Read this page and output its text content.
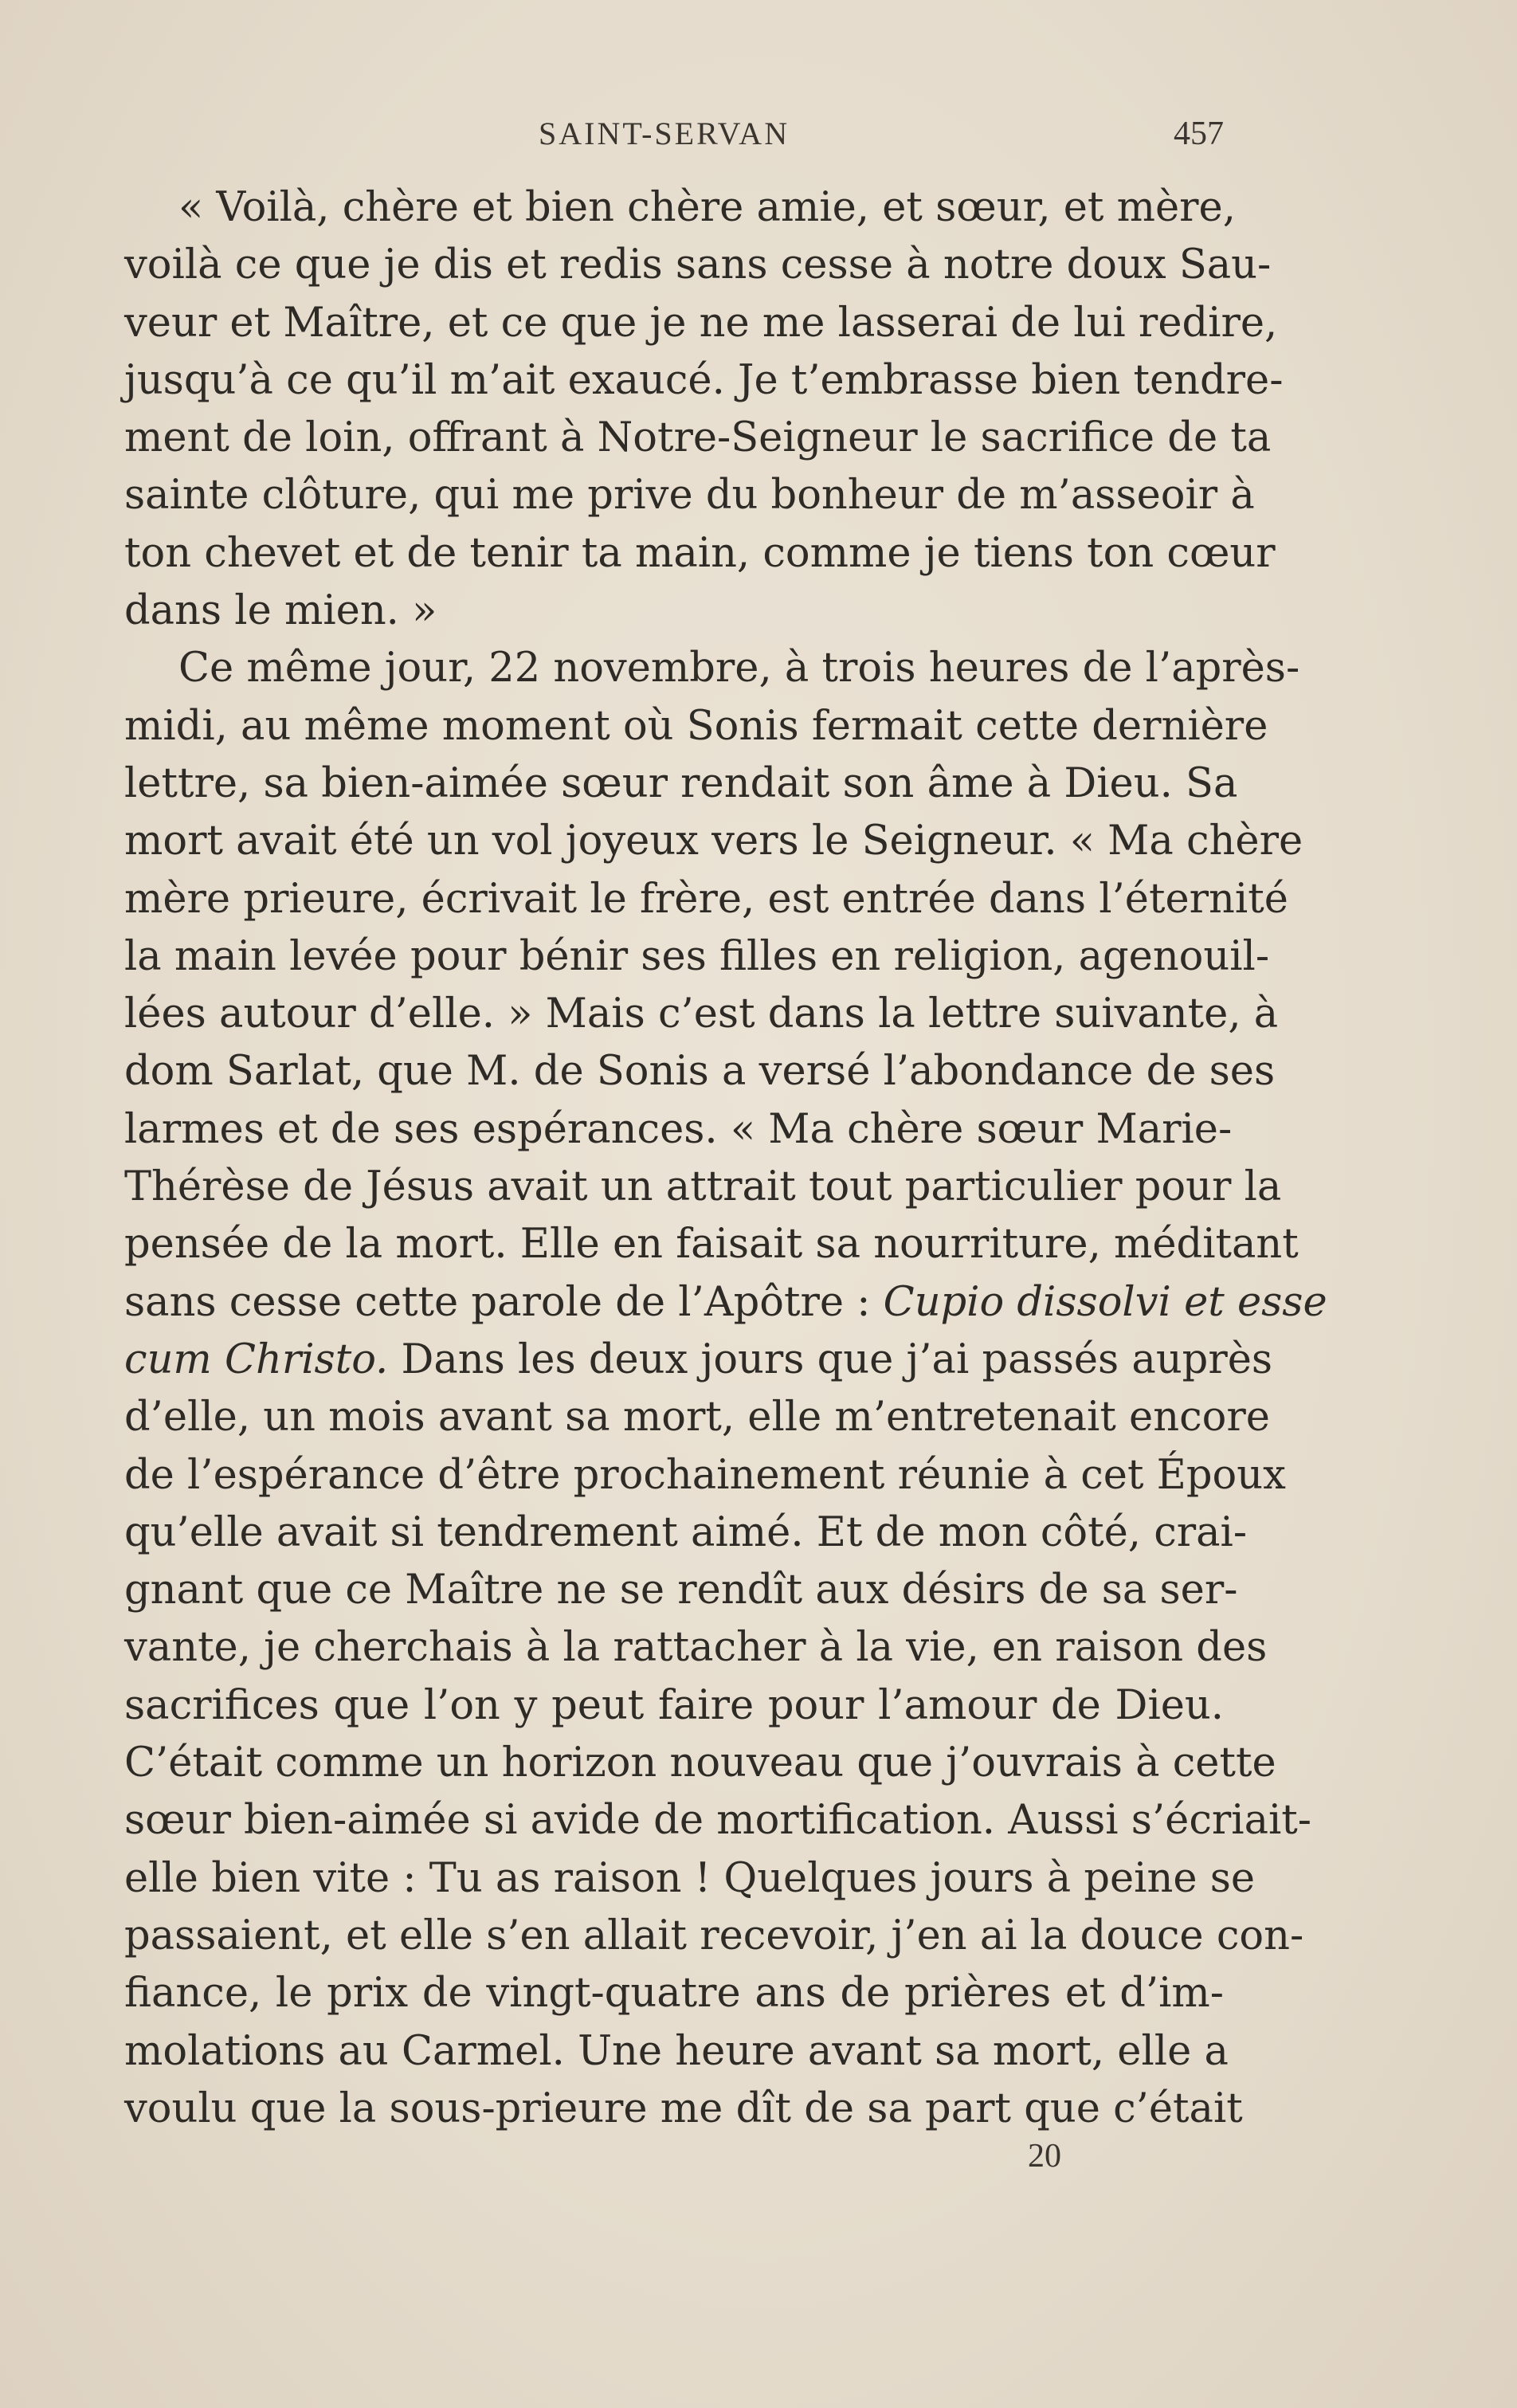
SAINT-SERVAN	457
« Voilà, chère et bien chère amie, et sœur, et mère,
voilà ce que je dis et redis sans cesse à notre doux Sau-
veur et Maître, et ce que je ne me lasserai de lui redire,
jusqu’à ce qu’il m’ait exaucé. Je t’embrasse bien tendre-
ment de loin, offrant à Notre-Seigneur le sacrifice de ta
sainte clôture, qui me prive du bonheur de m’asseoir à
ton chevet et de tenir ta main, comme je tiens ton cœur
dans le mien. »
Ce même jour, 22 novembre, à trois heures de l’après-
midi, au même moment où Sonis fermait cette dernière
lettre, sa bien-aimée sœur rendait son âme à Dieu. Sa
mort avait été un vol joyeux vers le Seigneur. « Ma chère
mère prieure, écrivait le frère, est entrée dans l’éternité
la main levée pour bénir ses filles en religion, agenouil-
lées autour d’elle. » Mais c’est dans la lettre suivante, à
dom Sarlat, que M. de Sonis a versé l’abondance de ses
larmes et de ses espérances. « Ma chère sœur Marie-
Thérèse de Jésus avait un attrait tout particulier pour la
pensée de la mort. Elle en faisait sa nourriture, méditant
sans cesse cette parole de l’Apôtre : Cupio dissolvi et esse
cum Christo. Dans les deux jours que j’ai passés auprès
d’elle, un mois avant sa mort, elle m’entretenait encore
de l’espérance d’être prochainement réunie à cet Époux
qu’elle avait si tendrement aimé. Et de mon côté, crai-
gnant que ce Maître ne se rendît aux désirs de sa ser-
vante, je cherchais à la rattacher à la vie, en raison des
sacrifices que l’on y peut faire pour l’amour de Dieu.
C’était comme un horizon nouveau que j’ouvrais à cette
sœur bien-aimée si avide de mortification. Aussi s’écriait-
elle bien vite : Tu as raison ! Quelques jours à peine se
passaient, et elle s’en allait recevoir, j’en ai la douce con-
fiance, le prix de vingt-quatre ans de prières et d’im-
molations au Carmel. Une heure avant sa mort, elle a
voulu que la sous-prieure me dît de sa part que c’était
20
